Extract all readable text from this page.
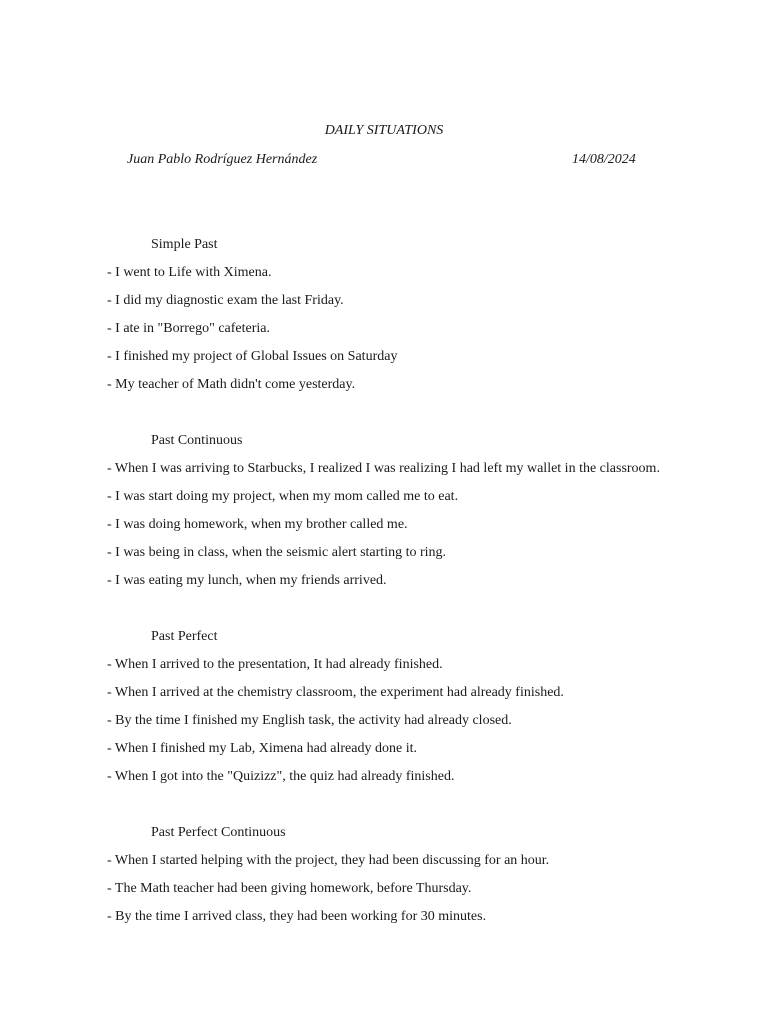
DAILY SITUATIONS
Juan Pablo Rodríguez Hernández	14/08/2024
Simple Past
- I went to Life with Ximena.
- I did my diagnostic exam the last Friday.
- I ate in "Borrego" cafeteria.
- I finished my project of Global Issues on Saturday
- My teacher of Math didn't come yesterday.
Past Continuous
- When I was arriving to Starbucks, I realized I was realizing I had left my wallet in the classroom.
- I was start doing my project, when my mom called me to eat.
- I was doing homework, when my brother called me.
- I was being in class, when the seismic alert starting to ring.
- I was eating my lunch, when my friends arrived.
Past Perfect
- When I arrived to the presentation, It had already finished.
- When I arrived at the chemistry classroom, the experiment had already finished.
- By the time I finished my English task, the activity had already closed.
- When I finished my Lab, Ximena had already done it.
- When I got into the "Quizizz", the quiz had already finished.
Past Perfect Continuous
- When I started helping with the project, they had been discussing for an hour.
- The Math teacher had been giving homework, before Thursday.
- By the time I arrived class, they had been working for 30 minutes.
